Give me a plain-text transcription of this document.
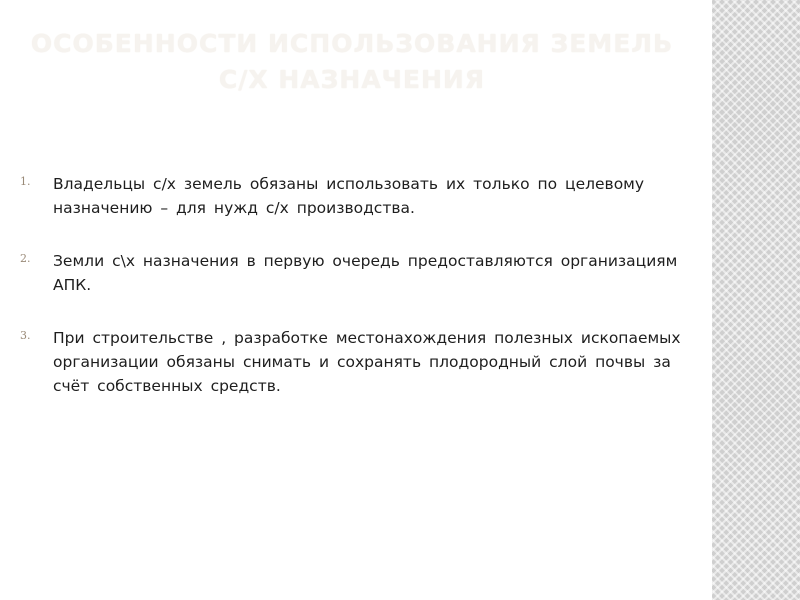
ОСОБЕННОСТИ ИСПОЛЬЗОВАНИЯ ЗЕМЕЛЬ
С/Х НАЗНАЧЕНИЯ
1. Владельцы с/х земель обязаны использовать их только по целевому назначению – для нужд с/х производства.
2. Земли с\х назначения в первую очередь предоставляются организациям АПК.
3. При строительстве , разработке местонахождения полезных ископаемых организации обязаны снимать и сохранять плодородный слой почвы за счёт собственных средств.
